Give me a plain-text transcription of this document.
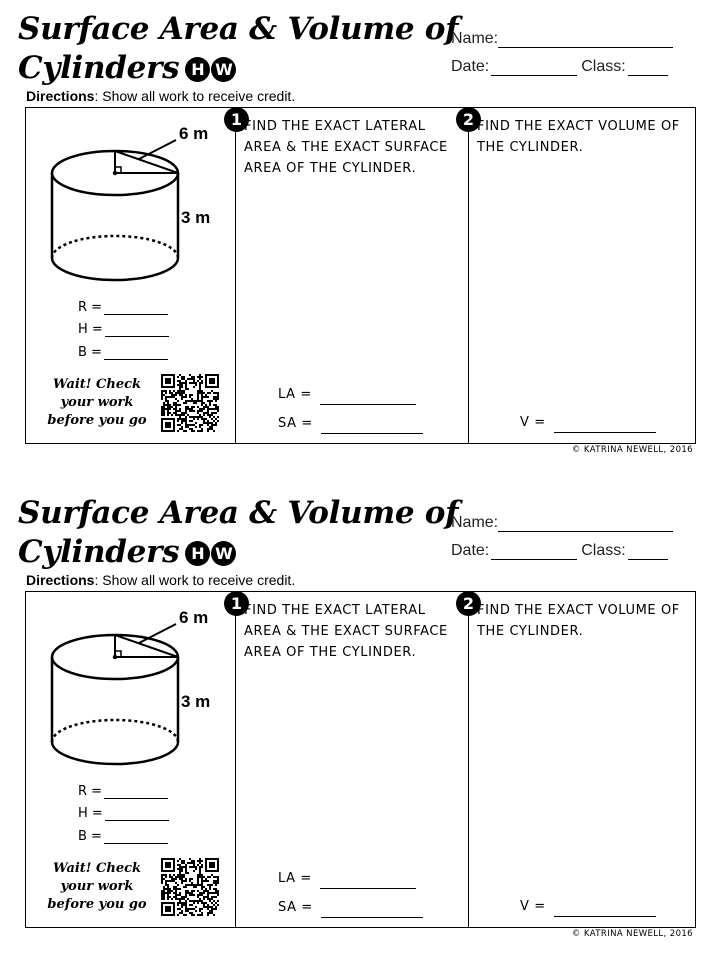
Surface Area & Volume of
Cylinders H W
Name:
Date:	Class:

Directions: Show all work to receive credit.

6 m
3 m
R =
H =
B =

Wait! Check
your work
before you go

1 FIND THE EXACT LATERAL AREA & THE EXACT SURFACE AREA OF THE CYLINDER.

2 FIND THE EXACT VOLUME OF THE CYLINDER.

LA =
SA =	V =

© KATRINA NEWELL, 2016

Surface Area & Volume of
Cylinders H W
Name:
Date:	Class:

Directions: Show all work to receive credit.

6 m
3 m
R =
H =
B =

Wait! Check
your work
before you go

1 FIND THE EXACT LATERAL AREA & THE EXACT SURFACE AREA OF THE CYLINDER.

2 FIND THE EXACT VOLUME OF THE CYLINDER.

LA =
SA =	V =

© KATRINA NEWELL, 2016
